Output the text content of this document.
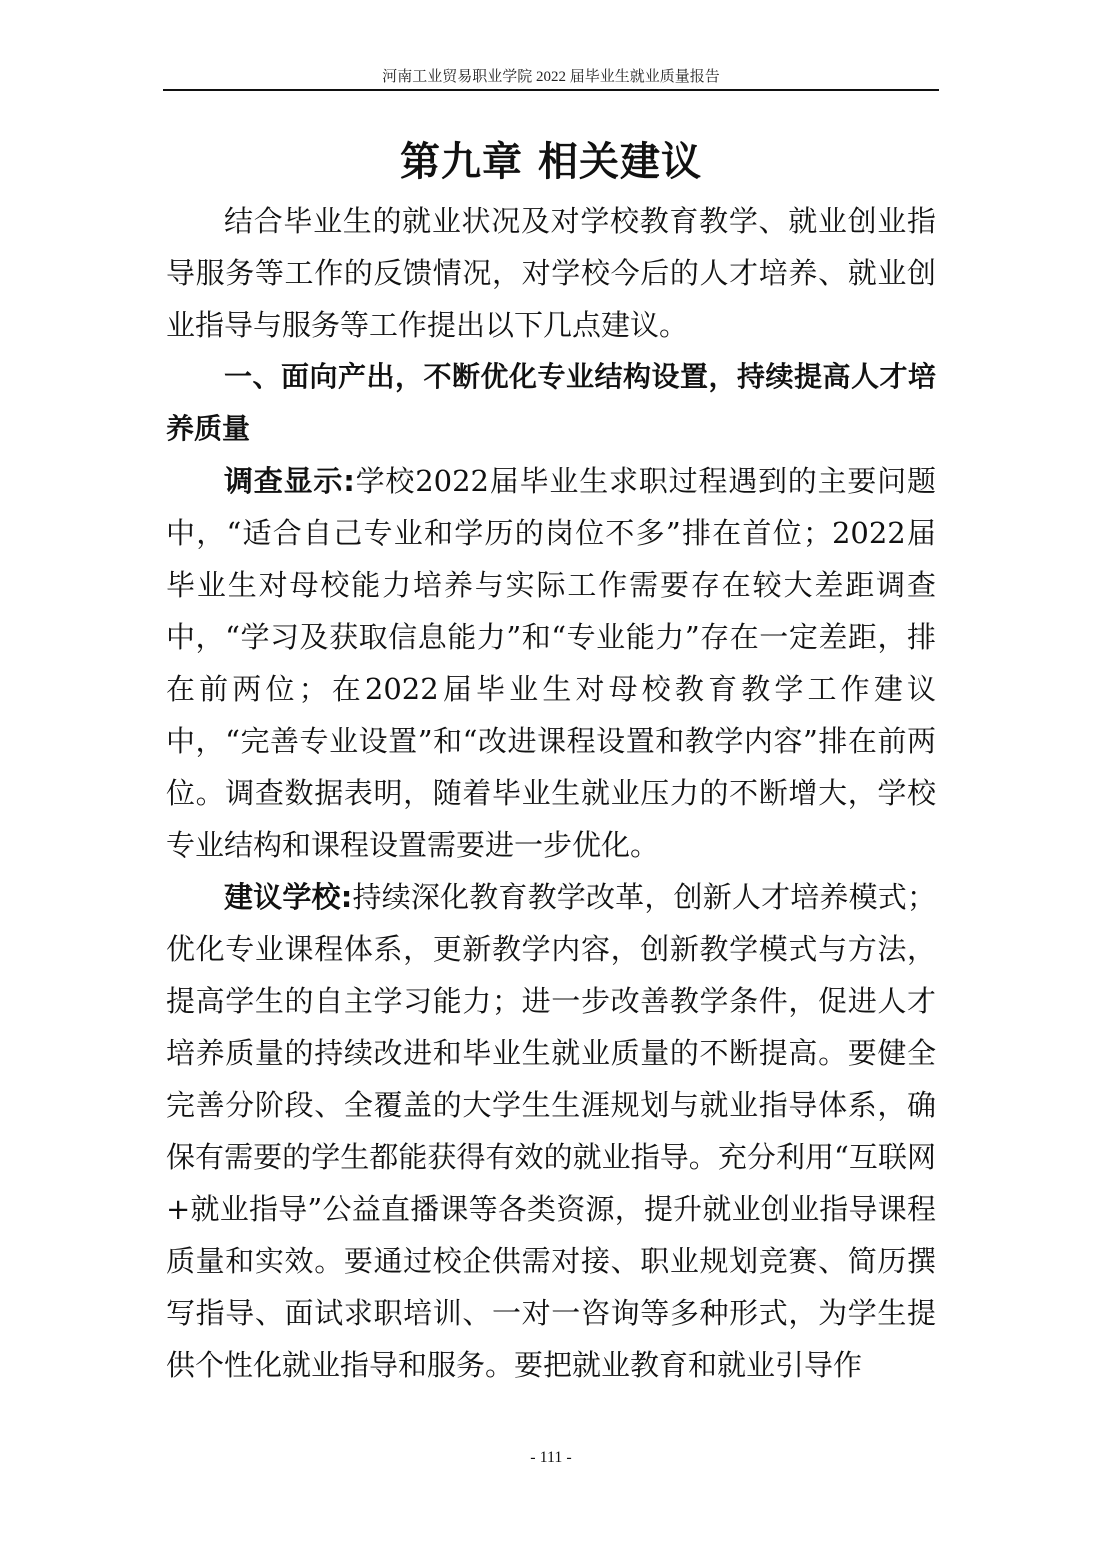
河南工业贸易职业学院 2022 届毕业生就业质量报告
第九章 相关建议

结合毕业生的就业状况及对学校教育教学、就业创业指导服务等工作的反馈情况，对学校今后的人才培养、就业创业指导与服务等工作提出以下几点建议。

一、面向产出，不断优化专业结构设置，持续提高人才培养质量

调查显示:学校2022届毕业生求职过程遇到的主要问题中，“适合自己专业和学历的岗位不多”排在首位；2022届毕业生对母校能力培养与实际工作需要存在较大差距调查中，“学习及获取信息能力”和“专业能力”存在一定差距，排在前两位；在2022届毕业生对母校教育教学工作建议中，“完善专业设置”和“改进课程设置和教学内容”排在前两位。调查数据表明，随着毕业生就业压力的不断增大，学校专业结构和课程设置需要进一步优化。

建议学校:持续深化教育教学改革，创新人才培养模式；优化专业课程体系，更新教学内容，创新教学模式与方法，提高学生的自主学习能力；进一步改善教学条件，促进人才培养质量的持续改进和毕业生就业质量的不断提高。要健全完善分阶段、全覆盖的大学生生涯规划与就业指导体系，确保有需要的学生都能获得有效的就业指导。充分利用“互联网+就业指导”公益直播课等各类资源，提升就业创业指导课程质量和实效。要通过校企供需对接、职业规划竞赛、简历撰写指导、面试求职培训、一对一咨询等多种形式，为学生提供个性化就业指导和服务。要把就业教育和就业引导作

- 111 -
